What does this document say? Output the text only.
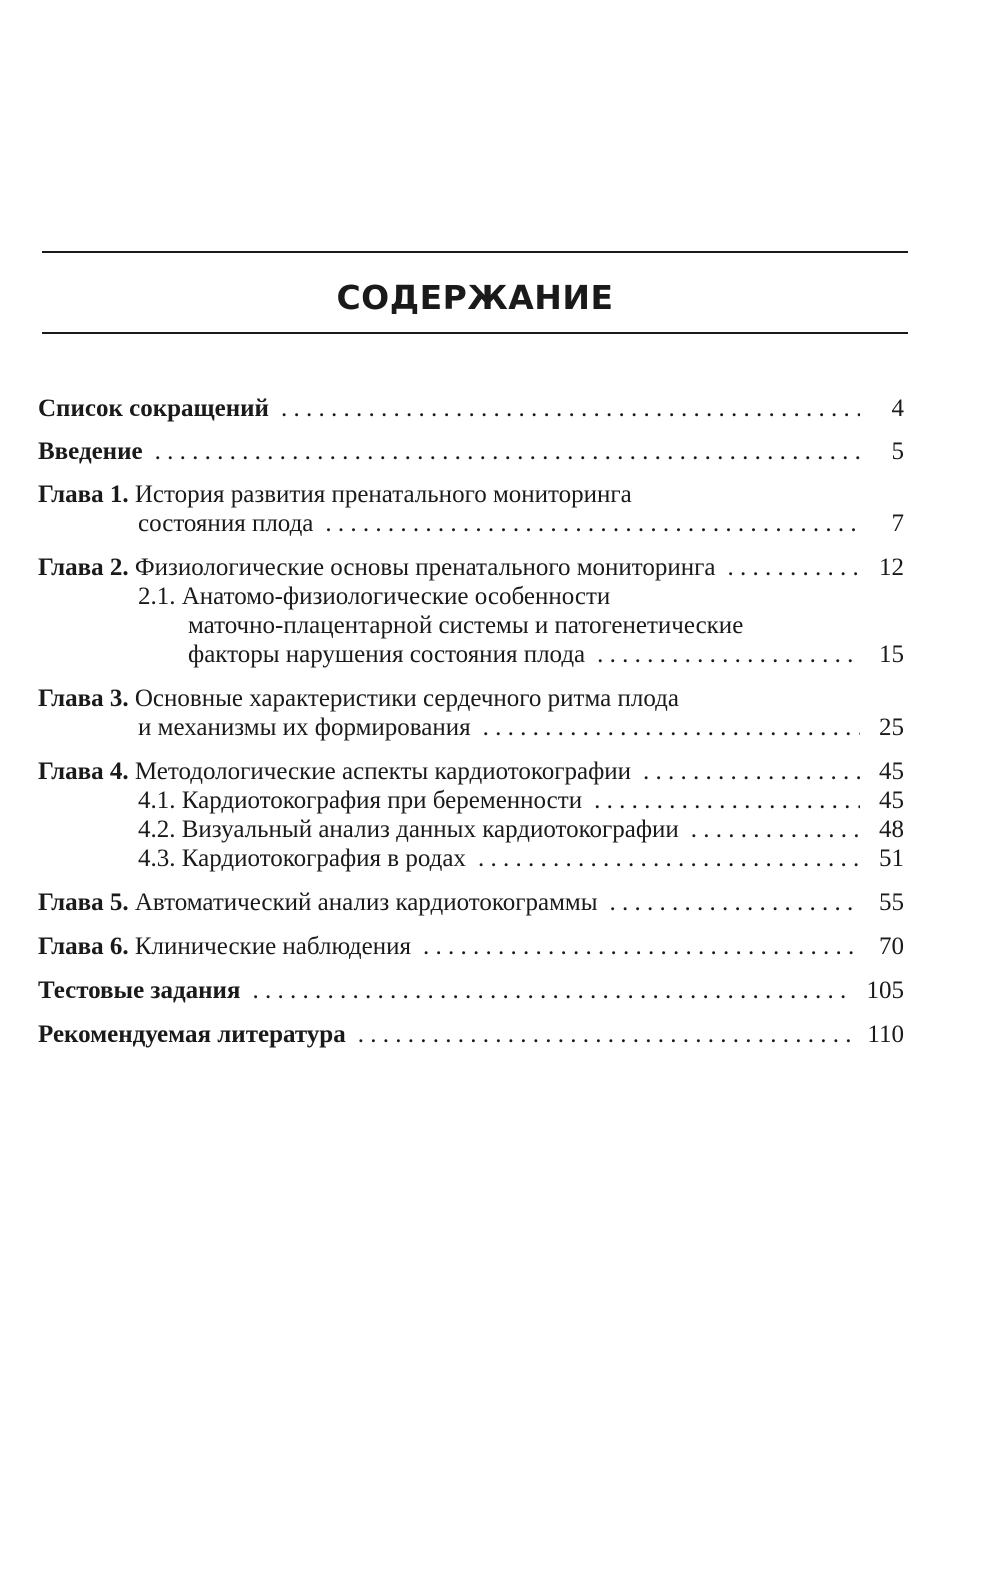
СОДЕРЖАНИЕ
Список сокращений . . .	4
Введение . . .	5
Глава 1. История развития пренатального мониторинга
состояния плода . . .	7
Глава 2. Физиологические основы пренатального мониторинга . . .	12
2.1. Анатомо-физиологические особенности
маточно-плацентарной системы и патогенетические
факторы нарушения состояния плода . . .	15
Глава 3. Основные характеристики сердечного ритма плода
и механизмы их формирования . . .	25
Глава 4. Методологические аспекты кардиотокографии . . .	45
4.1. Кардиотокография при беременности . . .	45
4.2. Визуальный анализ данных кардиотокографии . . .	48
4.3. Кардиотокография в родах . . .	51
Глава 5. Автоматический анализ кардиотокограммы . . .	55
Глава 6. Клинические наблюдения . . .	70
Тестовые задания . . .	105
Рекомендуемая литература . . .	110
